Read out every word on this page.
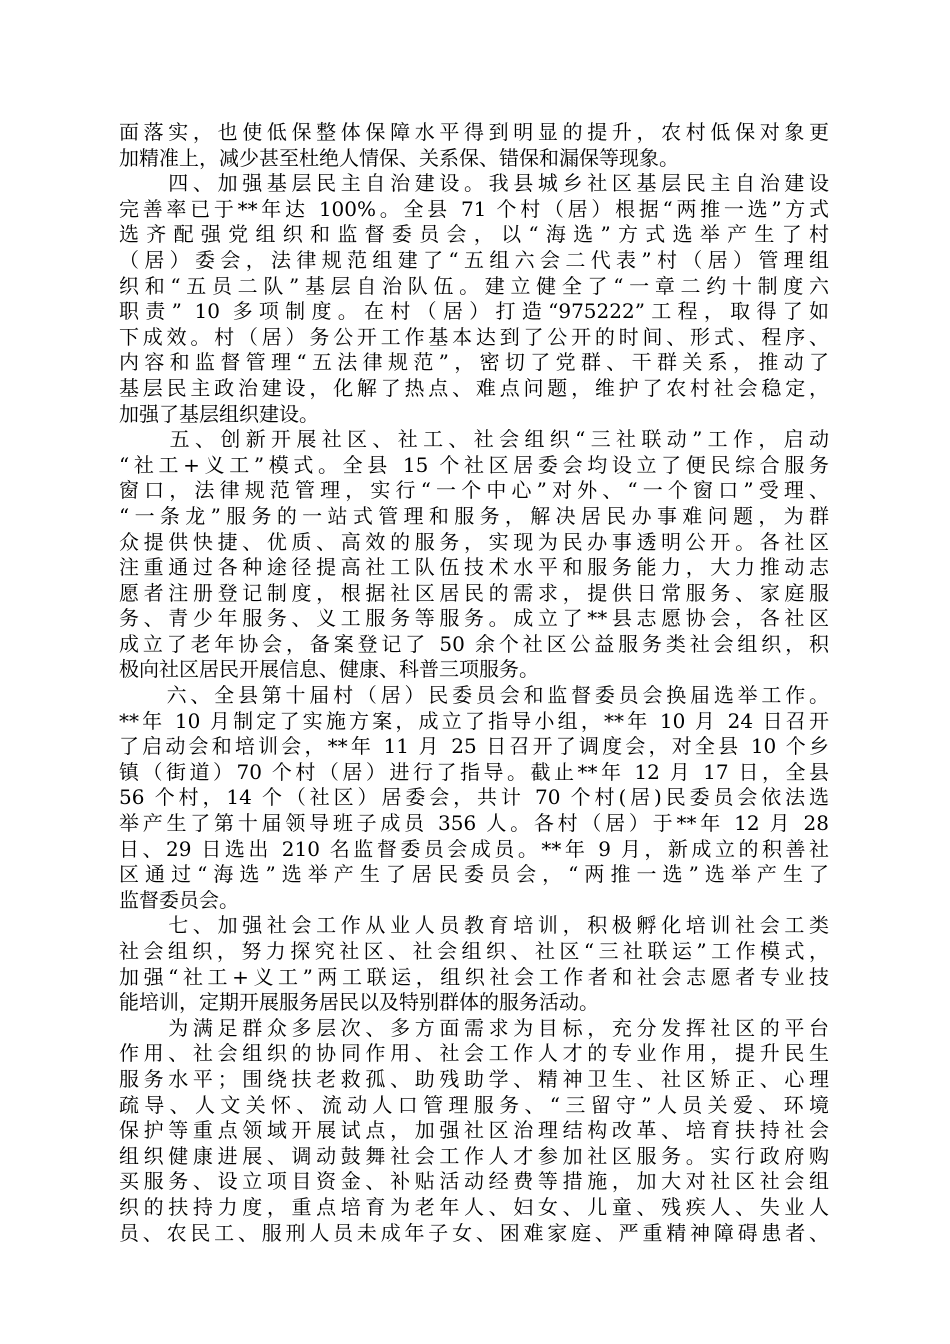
面落实，也使低保整体保障水平得到明显的提升，农村低保对象更
加精准上，减少甚至杜绝人情保、关系保、错保和漏保等现象。
　　四、加强基层民主自治建设。我县城乡社区基层民主自治建设
完善率已于**年达 100%。全县 71 个村（居）根据“两推一选”方式
选齐配强党组织和监督委员会，以“海选”方式选举产生了村
（居）委会，法律规范组建了“五组六会二代表”村（居）管理组
织和“五员二队”基层自治队伍。建立健全了“一章二约十制度六
职责” 10 多项制度。在村（居）打造“975222”工程，取得了如
下成效。村（居）务公开工作基本达到了公开的时间、形式、程序、
内容和监督管理“五法律规范”，密切了党群、干群关系，推动了
基层民主政治建设，化解了热点、难点问题，维护了农村社会稳定，
加强了基层组织建设。
　　五、创新开展社区、社工、社会组织“三社联动”工作，启动
“社工+义工”模式。全县 15 个社区居委会均设立了便民综合服务
窗口，法律规范管理，实行“一个中心”对外、“一个窗口”受理、
“一条龙”服务的一站式管理和服务，解决居民办事难问题，为群
众提供快捷、优质、高效的服务，实现为民办事透明公开。各社区
注重通过各种途径提高社工队伍技术水平和服务能力，大力推动志
愿者注册登记制度，根据社区居民的需求，提供日常服务、家庭服
务、青少年服务、义工服务等服务。成立了**县志愿协会，各社区
成立了老年协会，备案登记了 50 余个社区公益服务类社会组织，积
极向社区居民开展信息、健康、科普三项服务。
　　六、全县第十届村（居）民委员会和监督委员会换届选举工作。
**年 10 月制定了实施方案，成立了指导小组，**年 10 月 24 日召开
了启动会和培训会，**年 11 月 25 日召开了调度会，对全县 10 个乡
镇（街道）70 个村（居）进行了指导。截止**年 12 月 17 日，全县
56 个村，14 个（社区）居委会，共计 70 个村(居)民委员会依法选
举产生了第十届领导班子成员 356 人。各村（居）于**年 12 月 28
日、29 日选出 210 名监督委员会成员。**年 9 月，新成立的积善社
区通过“海选”选举产生了居民委员会，“两推一选”选举产生了
监督委员会。
　　七、加强社会工作从业人员教育培训，积极孵化培训社会工类
社会组织，努力探究社区、社会组织、社区“三社联运”工作模式，
加强“社工+义工”两工联运，组织社会工作者和社会志愿者专业技
能培训，定期开展服务居民以及特别群体的服务活动。
　　为满足群众多层次、多方面需求为目标，充分发挥社区的平台
作用、社会组织的协同作用、社会工作人才的专业作用，提升民生
服务水平；围绕扶老救孤、助残助学、精神卫生、社区矫正、心理
疏导、人文关怀、流动人口管理服务、“三留守”人员关爱、环境
保护等重点领域开展试点，加强社区治理结构改革、培育扶持社会
组织健康进展、调动鼓舞社会工作人才参加社区服务。实行政府购
买服务、设立项目资金、补贴活动经费等措施，加大对社区社会组
织的扶持力度，重点培育为老年人、妇女、儿童、残疾人、失业人
员、农民工、服刑人员未成年子女、困难家庭、严重精神障碍患者、
